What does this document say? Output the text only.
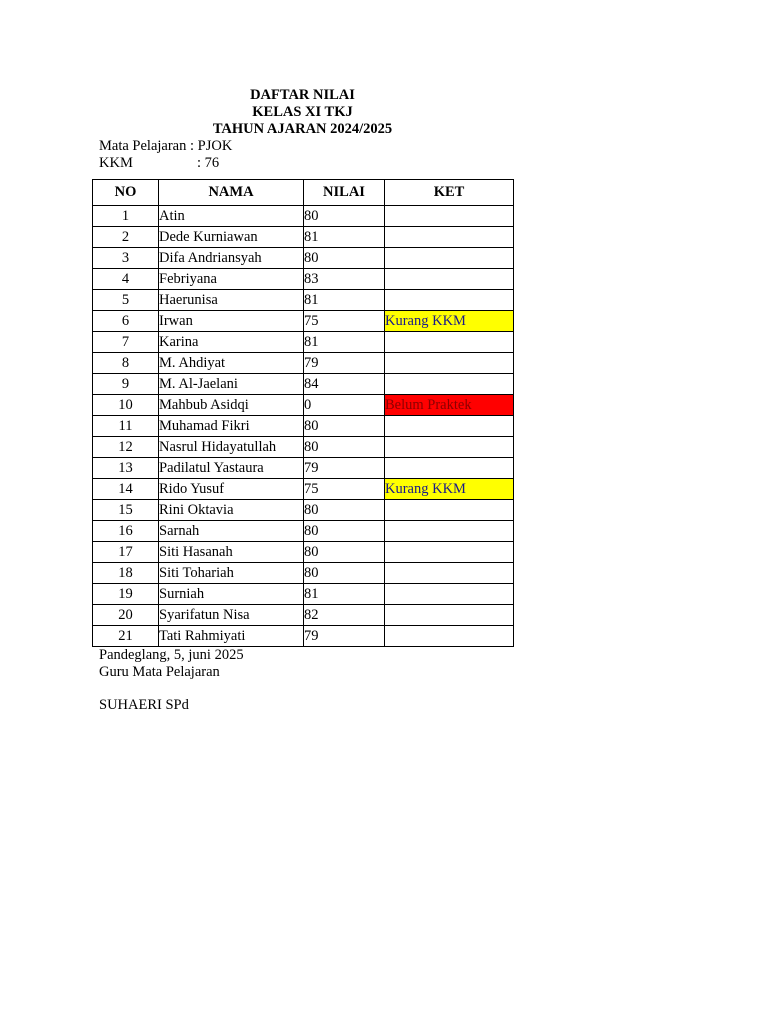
DAFTAR NILAI
KELAS XI TKJ
TAHUN AJARAN 2024/2025
Mata Pelajaran : PJOK
KKM	: 76
NO	NAMA	NILAI	KET
1	Atin	80	
2	Dede Kurniawan	81	
3	Difa Andriansyah	80	
4	Febriyana	83	
5	Haerunisa	81	
6	Irwan	75	Kurang KKM
7	Karina	81	
8	M. Ahdiyat	79	
9	M. Al-Jaelani	84	
10	Mahbub Asidqi	0	Belum Praktek
11	Muhamad Fikri	80	
12	Nasrul Hidayatullah	80	
13	Padilatul Yastaura	79	
14	Rido Yusuf	75	Kurang KKM
15	Rini Oktavia	80	
16	Sarnah	80	
17	Siti Hasanah	80	
18	Siti Tohariah	80	
19	Surniah	81	
20	Syarifatun Nisa	82	
21	Tati Rahmiyati	79	
Pandeglang, 5, juni 2025
Guru Mata Pelajaran
SUHAERI SPd
